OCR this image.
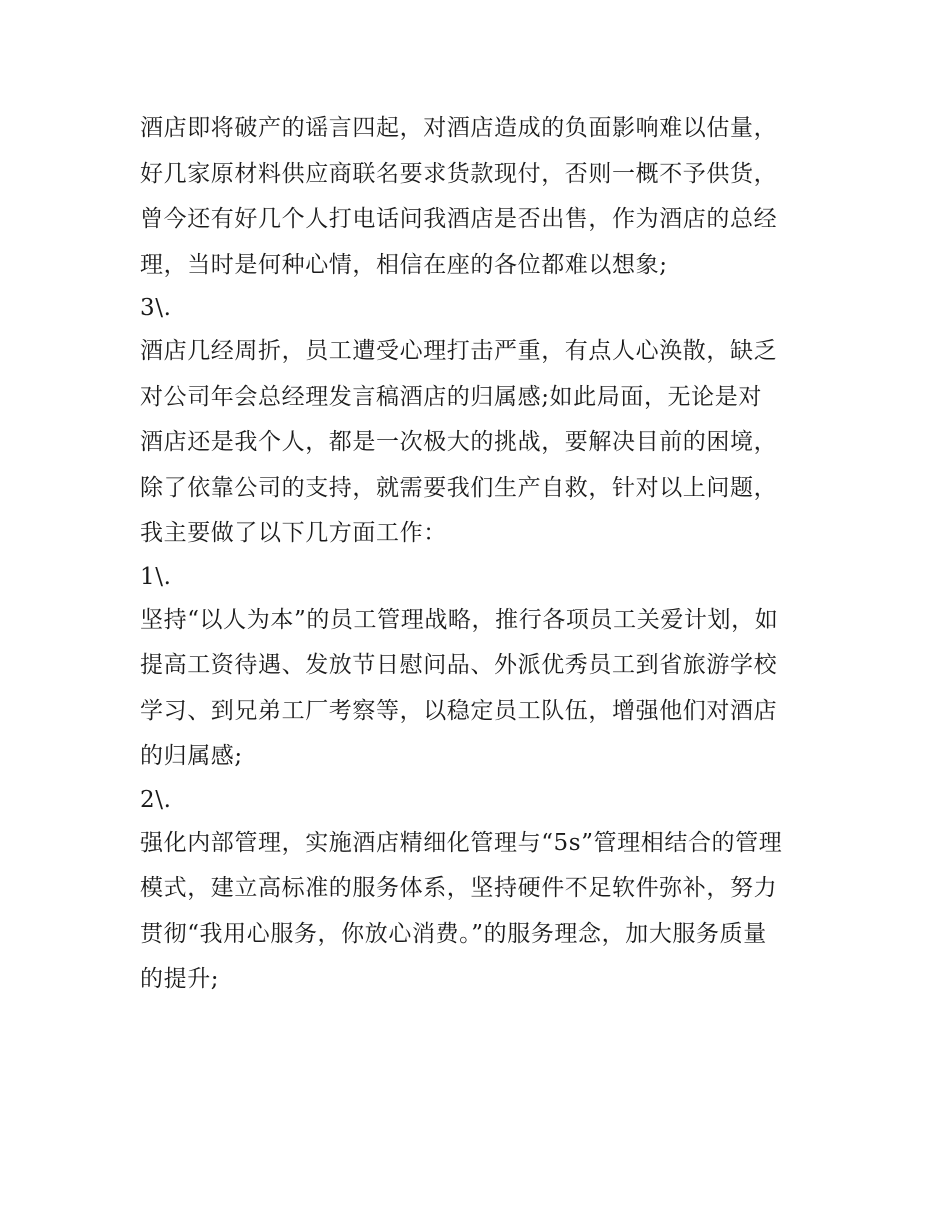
酒店即将破产的谣言四起，对酒店造成的负面影响难以估量，
好几家原材料供应商联名要求货款现付，否则一概不予供货，
曾今还有好几个人打电话问我酒店是否出售，作为酒店的总经
理，当时是何种心情，相信在座的各位都难以想象;
3\.
酒店几经周折，员工遭受心理打击严重，有点人心涣散，缺乏
对公司年会总经理发言稿酒店的归属感;如此局面，无论是对
酒店还是我个人，都是一次极大的挑战，要解决目前的困境，
除了依靠公司的支持，就需要我们生产自救，针对以上问题，
我主要做了以下几方面工作：
1\.
坚持“以人为本”的员工管理战略，推行各项员工关爱计划，如
提高工资待遇、发放节日慰问品、外派优秀员工到省旅游学校
学习、到兄弟工厂考察等，以稳定员工队伍，增强他们对酒店
的归属感;
2\.
强化内部管理，实施酒店精细化管理与“5s”管理相结合的管理
模式，建立高标准的服务体系，坚持硬件不足软件弥补，努力
贯彻“我用心服务，你放心消费。”的服务理念，加大服务质量
的提升;
